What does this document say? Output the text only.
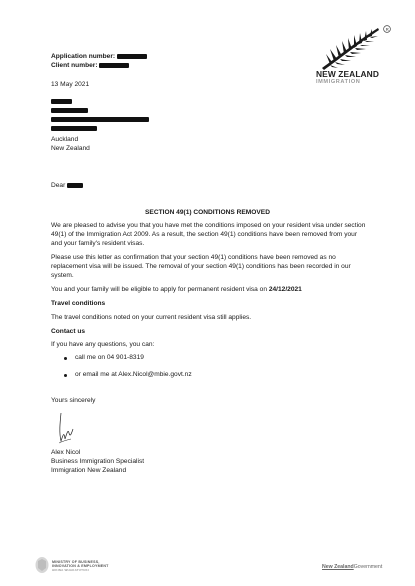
R
NEW ZEALAND
IMMIGRATION
Application number:
Client number:
13 May 2021
Auckland
New Zealand
Dear
SECTION 49(1) CONDITIONS REMOVED

We are pleased to advise you that you have met the conditions imposed on your resident visa under section 49(1) of the Immigration Act 2009. As a result, the section 49(1) conditions have been removed from your and your family's resident visas.

Please use this letter as confirmation that your section 49(1) conditions have been removed as no replacement visa will be issued. The removal of your section 49(1) conditions has been recorded in our system.

You and your family will be eligible to apply for permanent resident visa on 24/12/2021

Travel conditions
The travel conditions noted on your current resident visa still applies.
Contact us
If you have any questions, you can:
call me on 04 901-8319
or email me at Alex.Nicol@mbie.govt.nz
Yours sincerely
Alex Nicol
Business Immigration Specialist
Immigration New Zealand
MINISTRY OF BUSINESS,
INNOVATION & EMPLOYMENT
HIKINA WHAKATUTUKI	New ZealandGovernment
